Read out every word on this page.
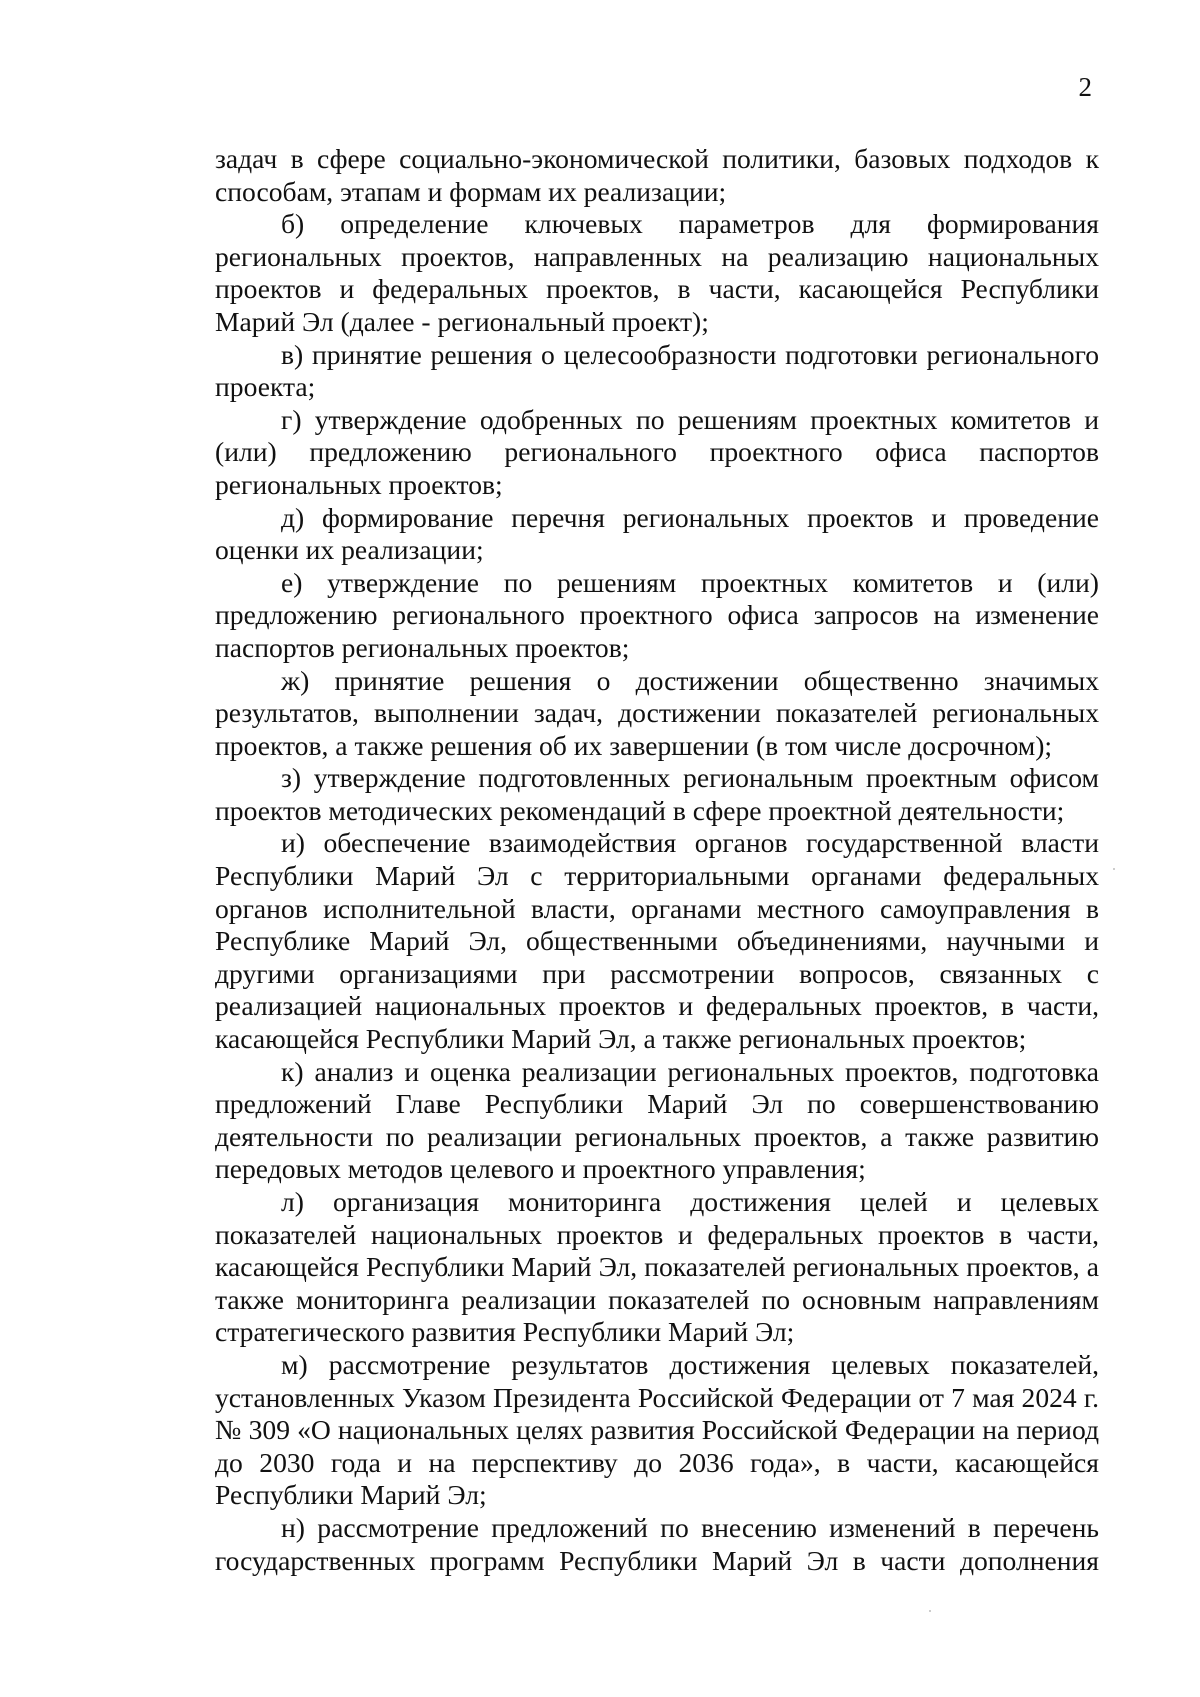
2

задач в сфере социально-экономической политики, базовых подходов к способам, этапам и формам их реализации;

б) определение ключевых параметров для формирования региональных проектов, направленных на реализацию национальных проектов и федеральных проектов, в части, касающейся Республики Марий Эл (далее - региональный проект);

в) принятие решения о целесообразности подготовки регионального проекта;

г) утверждение одобренных по решениям проектных комитетов и (или) предложению регионального проектного офиса паспортов региональных проектов;

д) формирование перечня региональных проектов и проведение оценки их реализации;

е) утверждение по решениям проектных комитетов и (или) предложению регионального проектного офиса запросов на изменение паспортов региональных проектов;

ж) принятие решения о достижении общественно значимых результатов, выполнении задач, достижении показателей региональных проектов, а также решения об их завершении (в том числе досрочном);

з) утверждение подготовленных региональным проектным офисом проектов методических рекомендаций в сфере проектной деятельности;

и) обеспечение взаимодействия органов государственной власти Республики Марий Эл с территориальными органами федеральных органов исполнительной власти, органами местного самоуправления в Республике Марий Эл, общественными объединениями, научными и другими организациями при рассмотрении вопросов, связанных с реализацией национальных проектов и федеральных проектов, в части, касающейся Республики Марий Эл, а также региональных проектов;

к) анализ и оценка реализации региональных проектов, подготовка предложений Главе Республики Марий Эл по совершенствованию деятельности по реализации региональных проектов, а также развитию передовых методов целевого и проектного управления;

л) организация мониторинга достижения целей и целевых показателей национальных проектов и федеральных проектов в части, касающейся Республики Марий Эл, показателей региональных проектов, а также мониторинга реализации показателей по основным направлениям стратегического развития Республики Марий Эл;

м) рассмотрение результатов достижения целевых показателей, установленных Указом Президента Российской Федерации от 7 мая 2024 г. № 309 «О национальных целях развития Российской Федерации на период до 2030 года и на перспективу до 2036 года», в части, касающейся Республики Марий Эл;

н) рассмотрение предложений по внесению изменений в перечень государственных программ Республики Марий Эл в части дополнения
